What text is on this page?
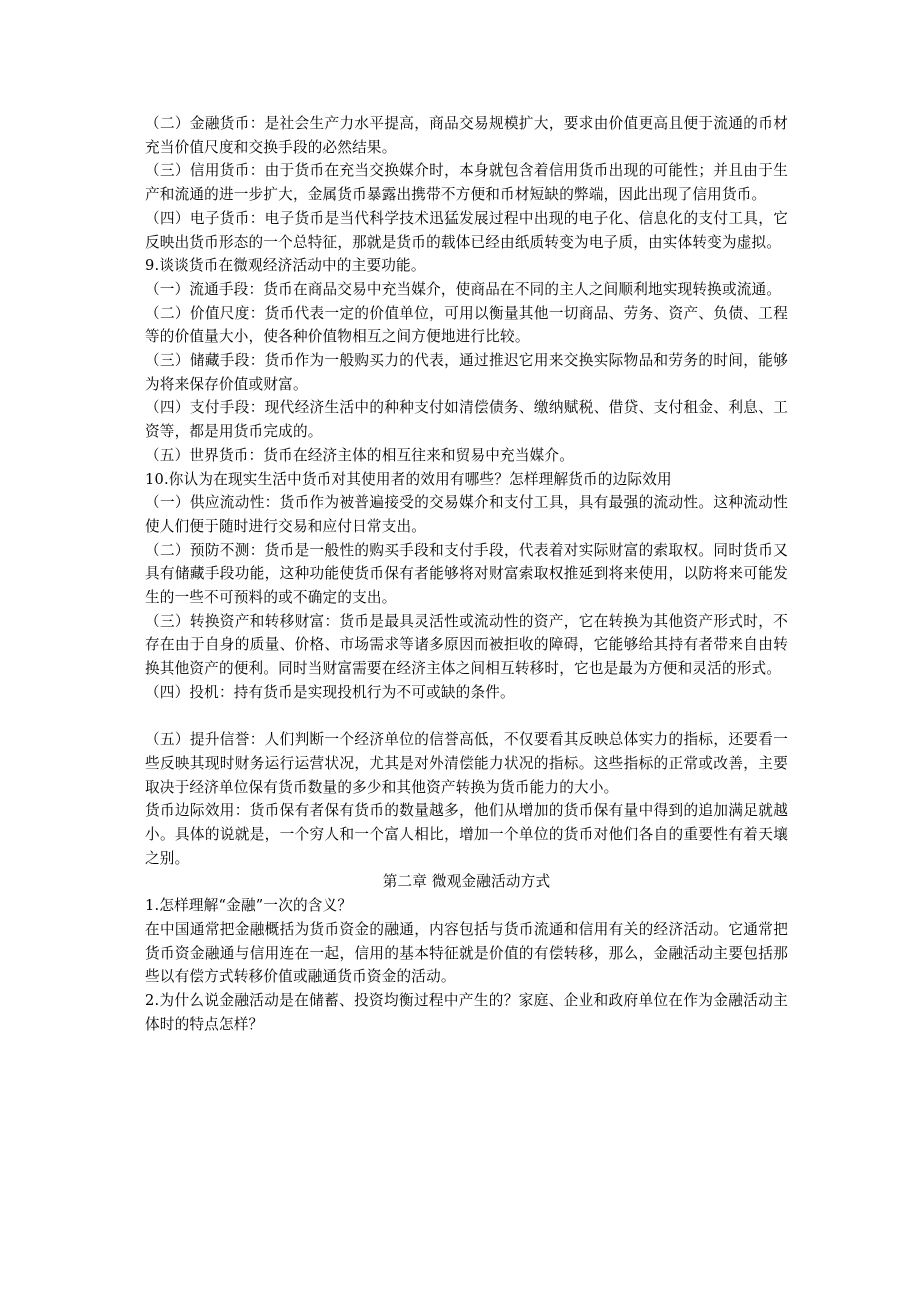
（二）金融货币：是社会生产力水平提高，商品交易规模扩大，要求由价值更高且便于流通的币材充当价值尺度和交换手段的必然结果。

（三）信用货币：由于货币在充当交换媒介时，本身就包含着信用货币出现的可能性；并且由于生产和流通的进一步扩大，金属货币暴露出携带不方便和币材短缺的弊端，因此出现了信用货币。

（四）电子货币：电子货币是当代科学技术迅猛发展过程中出现的电子化、信息化的支付工具，它反映出货币形态的一个总特征，那就是货币的载体已经由纸质转变为电子质，由实体转变为虚拟。

9.谈谈货币在微观经济活动中的主要功能。

（一）流通手段：货币在商品交易中充当媒介，使商品在不同的主人之间顺利地实现转换或流通。

（二）价值尺度：货币代表一定的价值单位，可用以衡量其他一切商品、劳务、资产、负债、工程等的价值量大小，使各种价值物相互之间方便地进行比较。

（三）储藏手段：货币作为一般购买力的代表，通过推迟它用来交换实际物品和劳务的时间，能够为将来保存价值或财富。

（四）支付手段：现代经济生活中的种种支付如清偿债务、缴纳赋税、借贷、支付租金、利息、工资等，都是用货币完成的。

（五）世界货币：货币在经济主体的相互往来和贸易中充当媒介。

10.你认为在现实生活中货币对其使用者的效用有哪些？怎样理解货币的边际效用

（一）供应流动性：货币作为被普遍接受的交易媒介和支付工具，具有最强的流动性。这种流动性使人们便于随时进行交易和应付日常支出。

（二）预防不测：货币是一般性的购买手段和支付手段，代表着对实际财富的索取权。同时货币又具有储藏手段功能，这种功能使货币保有者能够将对财富索取权推延到将来使用，以防将来可能发生的一些不可预料的或不确定的支出。

（三）转换资产和转移财富：货币是最具灵活性或流动性的资产，它在转换为其他资产形式时，不存在由于自身的质量、价格、市场需求等诸多原因而被拒收的障碍，它能够给其持有者带来自由转换其他资产的便利。同时当财富需要在经济主体之间相互转移时，它也是最为方便和灵活的形式。

（四）投机：持有货币是实现投机行为不可或缺的条件。

（五）提升信誉：人们判断一个经济单位的信誉高低，不仅要看其反映总体实力的指标，还要看一些反映其现时财务运行运营状况，尤其是对外清偿能力状况的指标。这些指标的正常或改善，主要取决于经济单位保有货币数量的多少和其他资产转换为货币能力的大小。

货币边际效用：货币保有者保有货币的数量越多，他们从增加的货币保有量中得到的追加满足就越小。具体的说就是，一个穷人和一个富人相比，增加一个单位的货币对他们各自的重要性有着天壤之别。

第二章 微观金融活动方式

1.怎样理解“金融”一次的含义？

在中国通常把金融概括为货币资金的融通，内容包括与货币流通和信用有关的经济活动。它通常把货币资金融通与信用连在一起，信用的基本特征就是价值的有偿转移，那么，金融活动主要包括那些以有偿方式转移价值或融通货币资金的活动。

2.为什么说金融活动是在储蓄、投资均衡过程中产生的？家庭、企业和政府单位在作为金融活动主体时的特点怎样？
